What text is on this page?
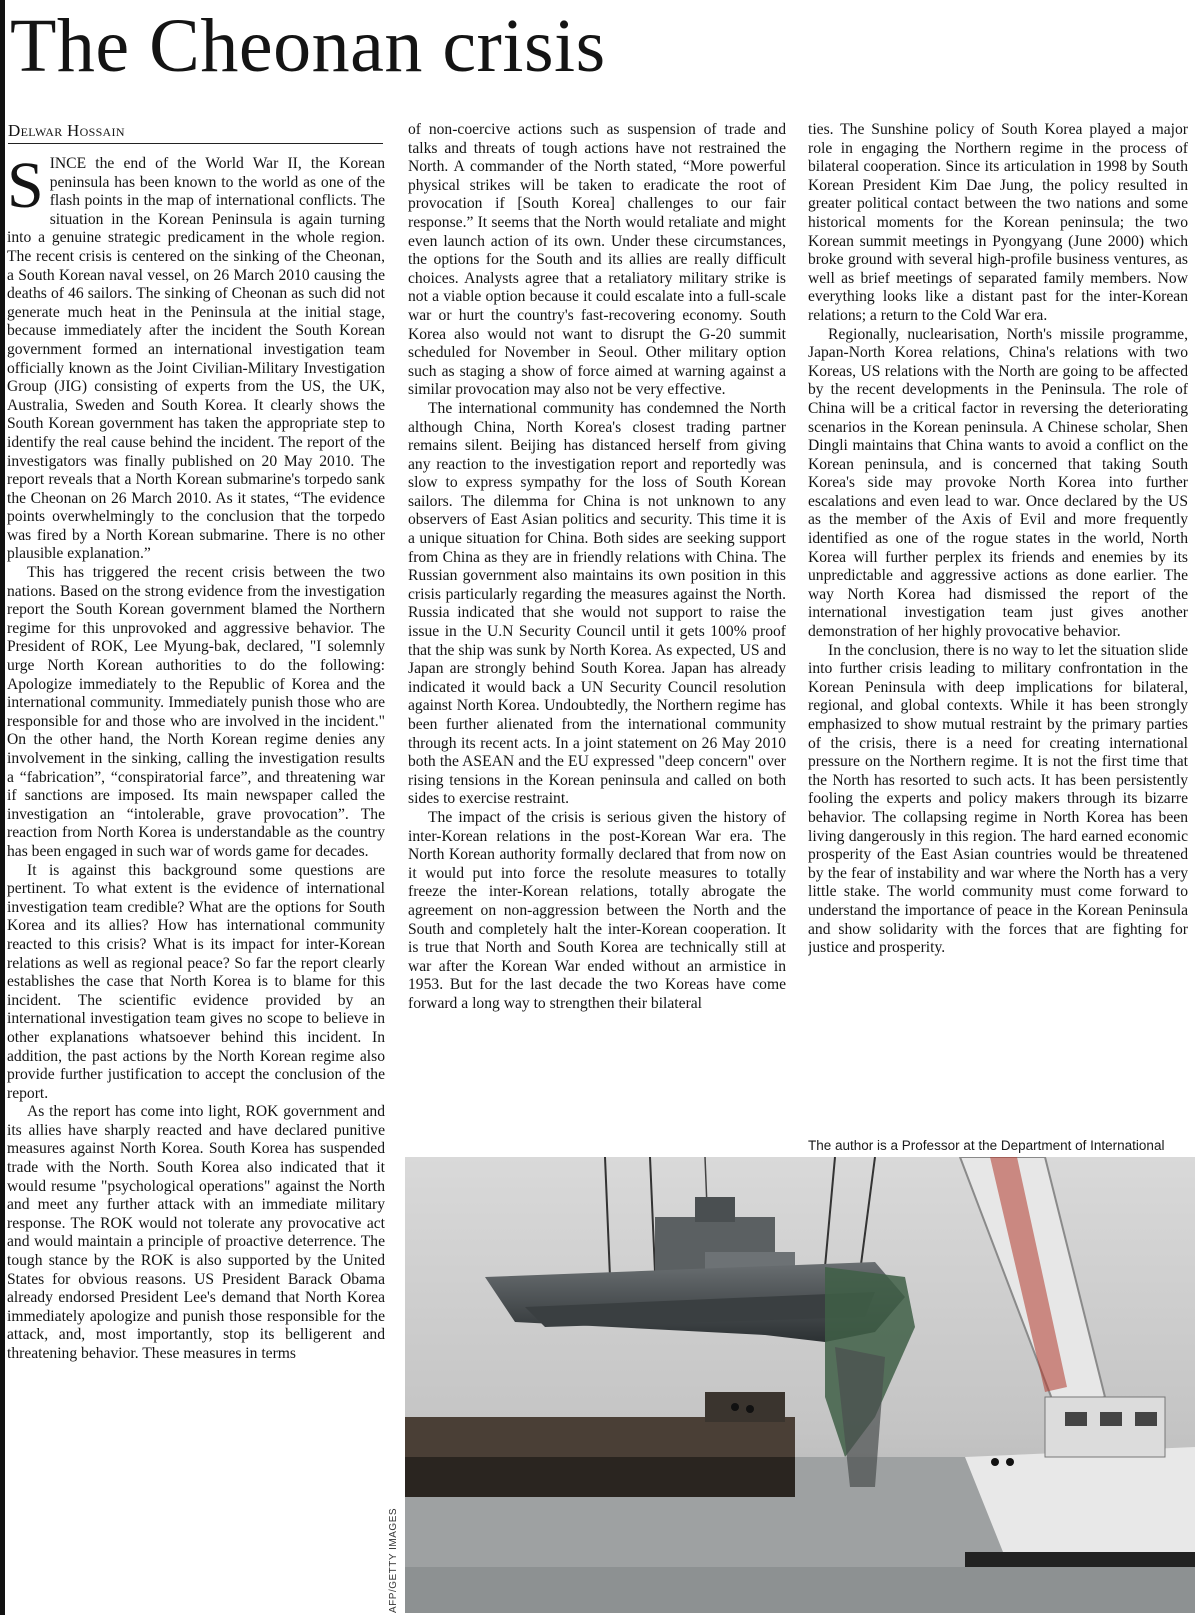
The Cheonan crisis
Delwar Hossain

SINCE the end of the World War II, the Korean peninsula has been known to the world as one of the flash points in the map of international conflicts. The situation in the Korean Peninsula is again turning into a genuine strategic predicament in the whole region. The recent crisis is centered on the sinking of the Cheonan, a South Korean naval vessel, on 26 March 2010 causing the deaths of 46 sailors. The sinking of Cheonan as such did not generate much heat in the Peninsula at the initial stage, because immediately after the incident the South Korean government formed an international investigation team officially known as the Joint Civilian-Military Investigation Group (JIG) consisting of experts from the US, the UK, Australia, Sweden and South Korea. It clearly shows the South Korean government has taken the appropriate step to identify the real cause behind the incident. The report of the investigators was finally published on 20 May 2010. The report reveals that a North Korean submarine's torpedo sank the Cheonan on 26 March 2010. As it states, “The evidence points overwhelmingly to the conclusion that the torpedo was fired by a North Korean submarine. There is no other plausible explanation.”

This has triggered the recent crisis between the two nations. Based on the strong evidence from the investigation report the South Korean government blamed the Northern regime for this unprovoked and aggressive behavior. The President of ROK, Lee Myung-bak, declared, "I solemnly urge North Korean authorities to do the following: Apologize immediately to the Republic of Korea and the international community. Immediately punish those who are responsible for and those who are involved in the incident." On the other hand, the North Korean regime denies any involvement in the sinking, calling the investigation results a “fabrication”, “conspiratorial farce”, and threatening war if sanctions are imposed. Its main newspaper called the investigation an “intolerable, grave provocation”. The reaction from North Korea is understandable as the country has been engaged in such war of words game for decades.

It is against this background some questions are pertinent. To what extent is the evidence of international investigation team credible? What are the options for South Korea and its allies? How has international community reacted to this crisis? What is its impact for inter-Korean relations as well as regional peace? So far the report clearly establishes the case that North Korea is to blame for this incident. The scientific evidence provided by an international investigation team gives no scope to believe in other explanations whatsoever behind this incident. In addition, the past actions by the North Korean regime also provide further justification to accept the conclusion of the report.

As the report has come into light, ROK government and its allies have sharply reacted and have declared punitive measures against North Korea. South Korea has suspended trade with the North. South Korea also indicated that it would resume "psychological operations" against the North and meet any further attack with an immediate military response. The ROK would not tolerate any provocative act and would maintain a principle of proactive deterrence. The tough stance by the ROK is also supported by the United States for obvious reasons. US President Barack Obama already endorsed President Lee's demand that North Korea immediately apologize and punish those responsible for the attack, and, most importantly, stop its belligerent and threatening behavior. These measures in terms

of non-coercive actions such as suspension of trade and talks and threats of tough actions have not restrained the North. A commander of the North stated, “More powerful physical strikes will be taken to eradicate the root of provocation if [South Korea] challenges to our fair response.” It seems that the North would retaliate and might even launch action of its own. Under these circumstances, the options for the South and its allies are really difficult choices. Analysts agree that a retaliatory military strike is not a viable option because it could escalate into a full-scale war or hurt the country's fast-recovering economy. South Korea also would not want to disrupt the G-20 summit scheduled for November in Seoul. Other military option such as staging a show of force aimed at warning against a similar provocation may also not be very effective.

The international community has condemned the North although China, North Korea's closest trading partner remains silent. Beijing has distanced herself from giving any reaction to the investigation report and reportedly was slow to express sympathy for the loss of South Korean sailors. The dilemma for China is not unknown to any observers of East Asian politics and security. This time it is a unique situation for China. Both sides are seeking support from China as they are in friendly relations with China. The Russian government also maintains its own position in this crisis particularly regarding the measures against the North. Russia indicated that she would not support to raise the issue in the U.N Security Council until it gets 100% proof that the ship was sunk by North Korea. As expected, US and Japan are strongly behind South Korea. Japan has already indicated it would back a UN Security Council resolution against North Korea. Undoubtedly, the Northern regime has been further alienated from the international community through its recent acts. In a joint statement on 26 May 2010 both the ASEAN and the EU expressed "deep concern" over rising tensions in the Korean peninsula and called on both sides to exercise restraint.

The impact of the crisis is serious given the history of inter-Korean relations in the post-Korean War era. The North Korean authority formally declared that from now on it would put into force the resolute measures to totally freeze the inter-Korean relations, totally abrogate the agreement on non-aggression between the North and the South and completely halt the inter-Korean cooperation. It is true that North and South Korea are technically still at war after the Korean War ended without an armistice in 1953. But for the last decade the two Koreas have come forward a long way to strengthen their bilateral

ties. The Sunshine policy of South Korea played a major role in engaging the Northern regime in the process of bilateral cooperation. Since its articulation in 1998 by South Korean President Kim Dae Jung, the policy resulted in greater political contact between the two nations and some historical moments for the Korean peninsula; the two Korean summit meetings in Pyongyang (June 2000) which broke ground with several high-profile business ventures, as well as brief meetings of separated family members. Now everything looks like a distant past for the inter-Korean relations; a return to the Cold War era.

Regionally, nuclearisation, North's missile programme, Japan-North Korea relations, China's relations with two Koreas, US relations with the North are going to be affected by the recent developments in the Peninsula. The role of China will be a critical factor in reversing the deteriorating scenarios in the Korean peninsula. A Chinese scholar, Shen Dingli maintains that China wants to avoid a conflict on the Korean peninsula, and is concerned that taking South Korea's side may provoke North Korea into further escalations and even lead to war. Once declared by the US as the member of the Axis of Evil and more frequently identified as one of the rogue states in the world, North Korea will further perplex its friends and enemies by its unpredictable and aggressive actions as done earlier. The way North Korea had dismissed the report of the international investigation team just gives another demonstration of her highly provocative behavior.

In the conclusion, there is no way to let the situation slide into further crisis leading to military confrontation in the Korean Peninsula with deep implications for bilateral, regional, and global contexts. While it has been strongly emphasized to show mutual restraint by the primary parties of the crisis, there is a need for creating international pressure on the Northern regime. It is not the first time that the North has resorted to such acts. It has been persistently fooling the experts and policy makers through its bizarre behavior. The collapsing regime in North Korea has been living dangerously in this region. The hard earned economic prosperity of the East Asian countries would be threatened by the fear of instability and war where the North has a very little stake. The world community must come forward to understand the importance of peace in the Korean Peninsula and show solidarity with the forces that are fighting for justice and prosperity.

The author is a Professor at the Department of International
AFP/GETTY IMAGES
